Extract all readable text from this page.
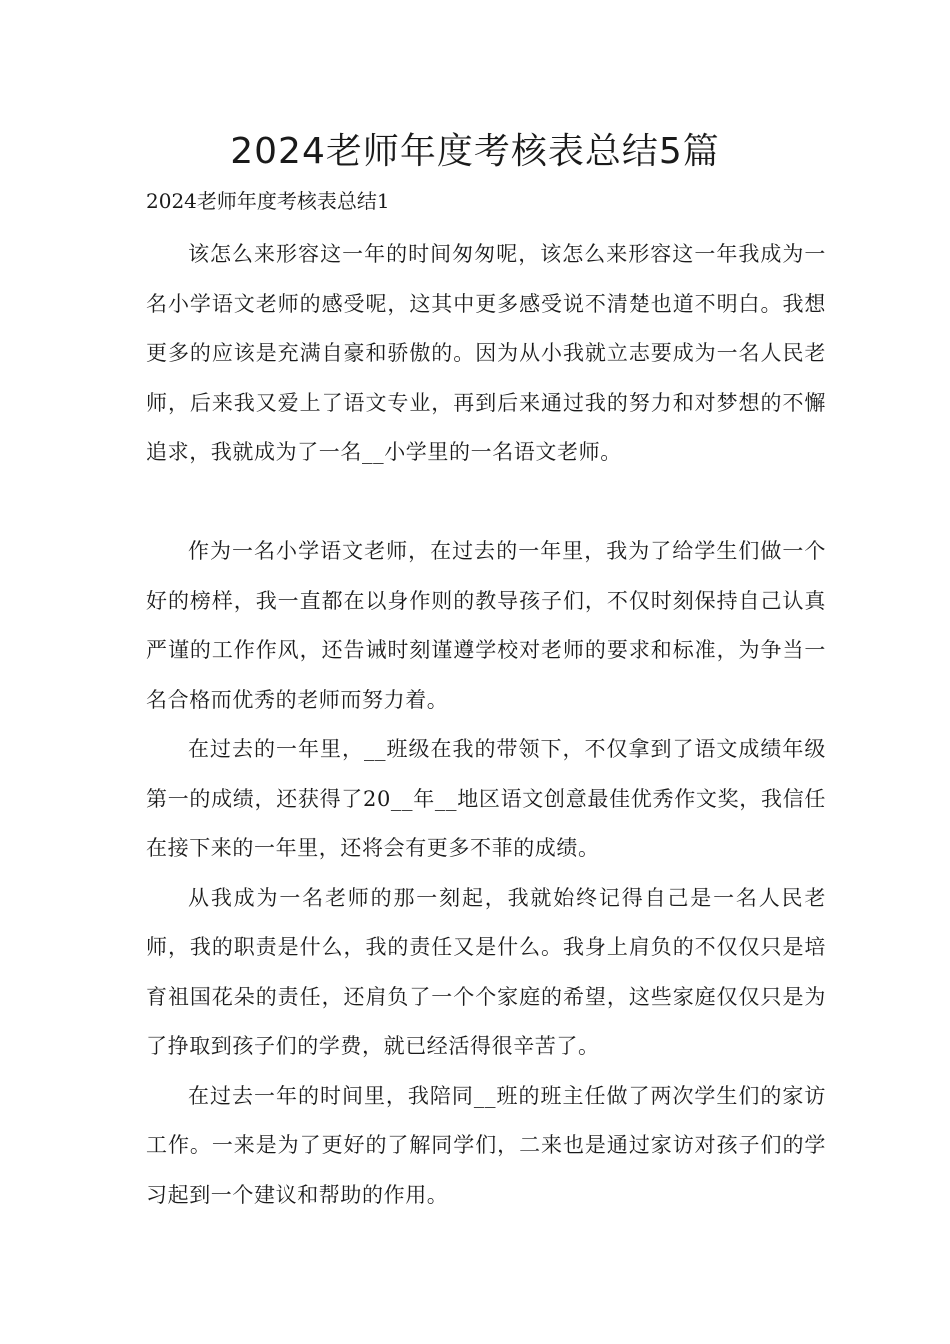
2024老师年度考核表总结5篇
2024老师年度考核表总结1

该怎么来形容这一年的时间匆匆呢，该怎么来形容这一年我成为一名小学语文老师的感受呢，这其中更多感受说不清楚也道不明白。我想更多的应该是充满自豪和骄傲的。因为从小我就立志要成为一名人民老师，后来我又爱上了语文专业，再到后来通过我的努力和对梦想的不懈追求，我就成为了一名__小学里的一名语文老师。

作为一名小学语文老师，在过去的一年里，我为了给学生们做一个好的榜样，我一直都在以身作则的教导孩子们，不仅时刻保持自己认真严谨的工作作风，还告诫时刻谨遵学校对老师的要求和标准，为争当一名合格而优秀的老师而努力着。

在过去的一年里，__班级在我的带领下，不仅拿到了语文成绩年级第一的成绩，还获得了20__年__地区语文创意最佳优秀作文奖，我信任在接下来的一年里，还将会有更多不菲的成绩。

从我成为一名老师的那一刻起，我就始终记得自己是一名人民老师，我的职责是什么，我的责任又是什么。我身上肩负的不仅仅只是培育祖国花朵的责任，还肩负了一个个家庭的希望，这些家庭仅仅只是为了挣取到孩子们的学费，就已经活得很辛苦了。

在过去一年的时间里，我陪同__班的班主任做了两次学生们的家访工作。一来是为了更好的了解同学们，二来也是通过家访对孩子们的学习起到一个建议和帮助的作用。
